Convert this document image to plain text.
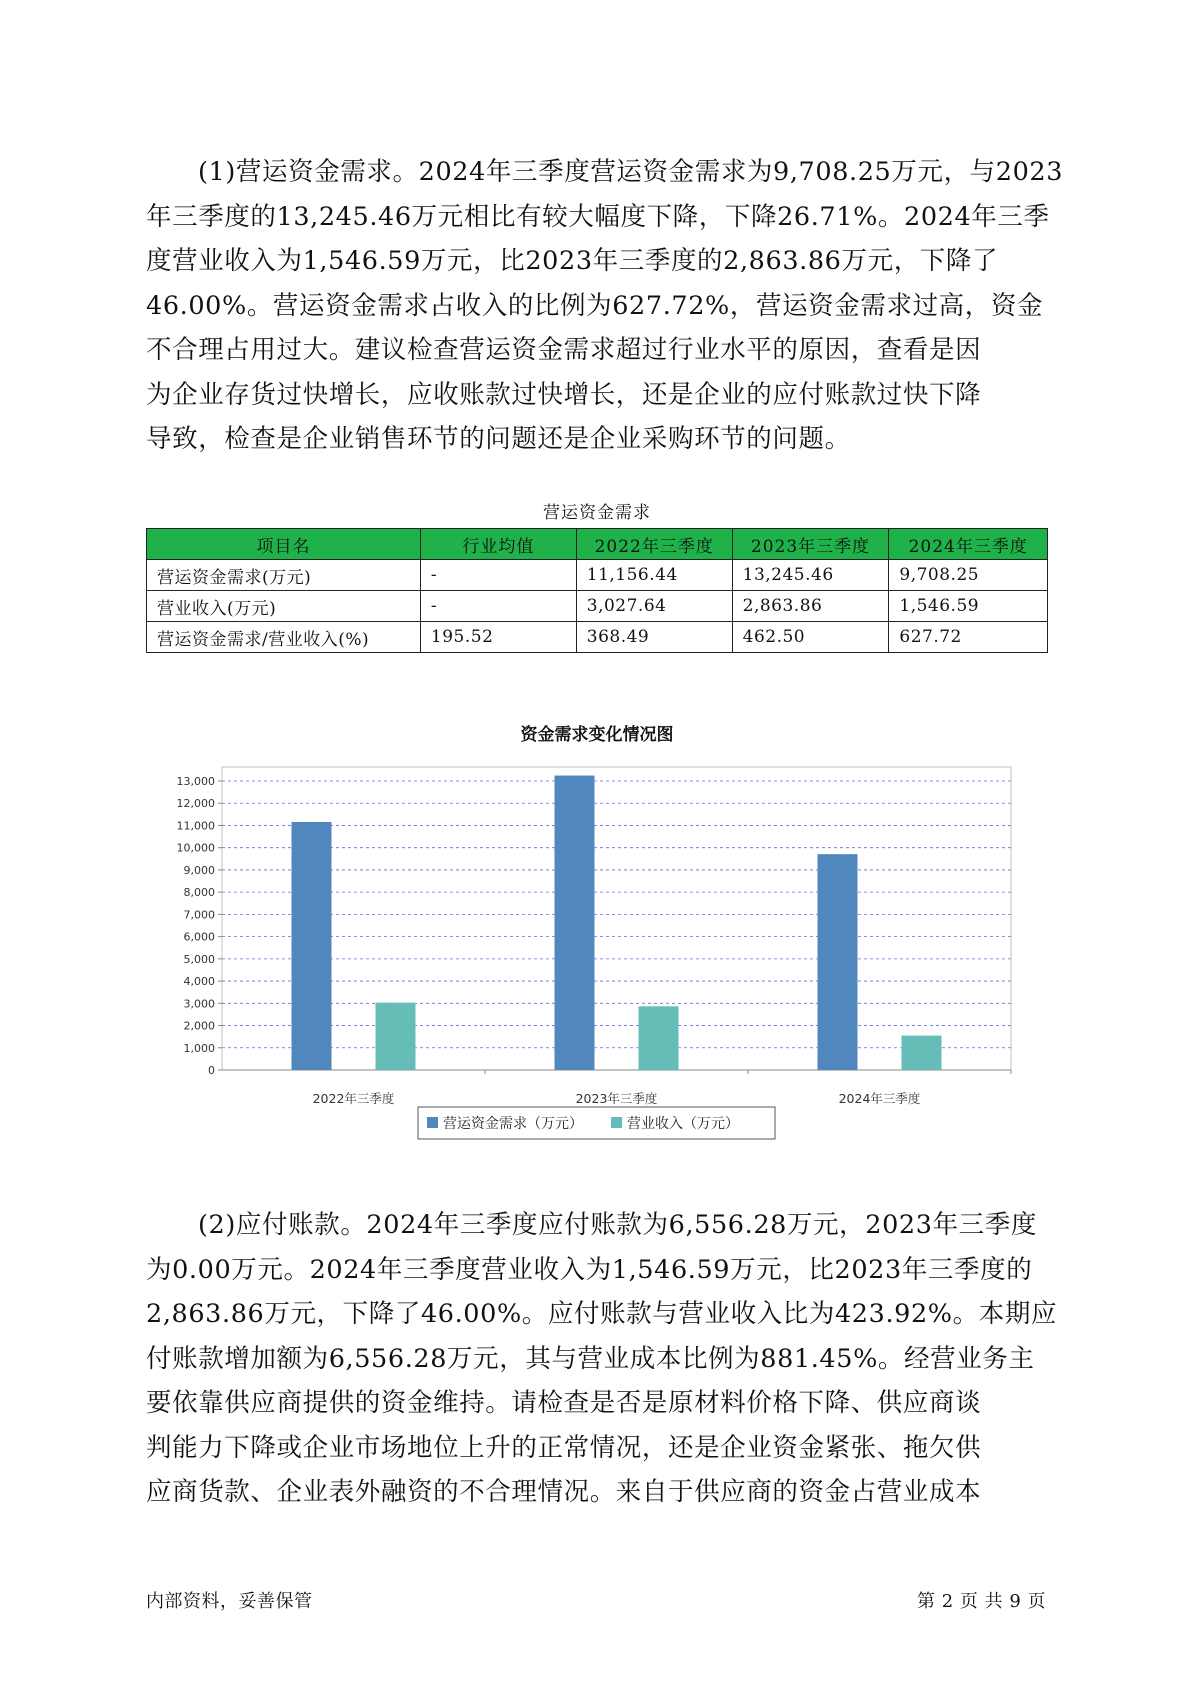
(1)营运资金需求。2024年三季度营运资金需求为9,708.25万元，与2023
年三季度的13,245.46万元相比有较大幅度下降，下降26.71%。2024年三季
度营业收入为1,546.59万元，比2023年三季度的2,863.86万元，下降了
46.00%。营运资金需求占收入的比例为627.72%，营运资金需求过高，资金
不合理占用过大。建议检查营运资金需求超过行业水平的原因，查看是因
为企业存货过快增长，应收账款过快增长，还是企业的应付账款过快下降
导致，检查是企业销售环节的问题还是企业采购环节的问题。
营运资金需求
项目名	行业均值	2022年三季度	2023年三季度	2024年三季度
营运资金需求(万元)	-	11,156.44	13,245.46	9,708.25
营业收入(万元)	-	3,027.64	2,863.86	1,546.59
营运资金需求/营业收入(%)	195.52	368.49	462.50	627.72
资金需求变化情况图
0
1,000
2,000
3,000
4,000
5,000
6,000
7,000
8,000
9,000
10,000
11,000
12,000
13,000
2022年三季度	2023年三季度	2024年三季度
营运资金需求（万元）	营业收入（万元）
(2)应付账款。2024年三季度应付账款为6,556.28万元，2023年三季度
为0.00万元。2024年三季度营业收入为1,546.59万元，比2023年三季度的
2,863.86万元，下降了46.00%。应付账款与营业收入比为423.92%。本期应
付账款增加额为6,556.28万元，其与营业成本比例为881.45%。经营业务主
要依靠供应商提供的资金维持。请检查是否是原材料价格下降、供应商谈
判能力下降或企业市场地位上升的正常情况，还是企业资金紧张、拖欠供
应商货款、企业表外融资的不合理情况。来自于供应商的资金占营业成本
内部资料，妥善保管	第 2 页 共 9 页
